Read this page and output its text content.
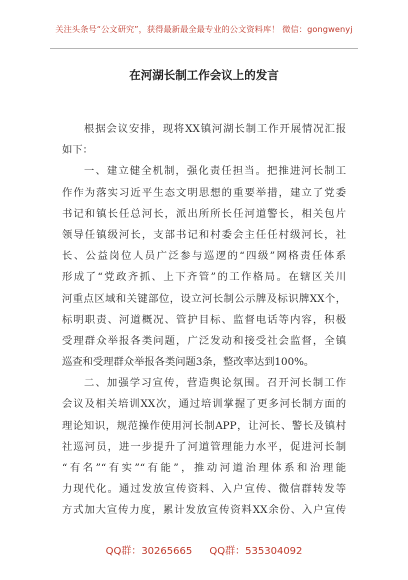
关注头条号“公文研究”，获得最新最全最专业的公文资料库！ 微信：gongwenyj
在河湖长制工作会议上的发言
根据会议安排，现将XX镇河湖长制工作开展情况汇报
如下：
一、建立健全机制，强化责任担当。把推进河长制工
作作为落实习近平生态文明思想的重要举措，建立了党委
书记和镇长任总河长，派出所所长任河道警长，相关包片
领导任镇级河长，支部书记和村委会主任任村级河长，社
长、公益岗位人员广泛参与巡逻的“四级”网格责任体系
形成了“党政齐抓、上下齐管”的工作格局。在辖区关川
河重点区域和关键部位，设立河长制公示牌及标识牌XX个，
标明职责、河道概况、管护目标、监督电话等内容，积极
受理群众举报各类问题，广泛发动和接受社会监督，全镇
巡查和受理群众举报各类问题3条，整改率达到100%。
二、加强学习宣传，营造舆论氛围。召开河长制工作
会议及相关培训XX次，通过培训掌握了更多河长制方面的
理论知识，规范操作使用河长制APP，让河长、警长及镇村
社巡河员，进一步提升了河道管理能力水平，促进河长制
“有名”“有实”“有能”，推动河道治理体系和治理能
力现代化。通过发放宣传资料、入户宣传、微信群转发等
方式加大宣传力度，累计发放宣传资料XX余份、入户宣传
QQ群：30265665 QQ群：535304092
